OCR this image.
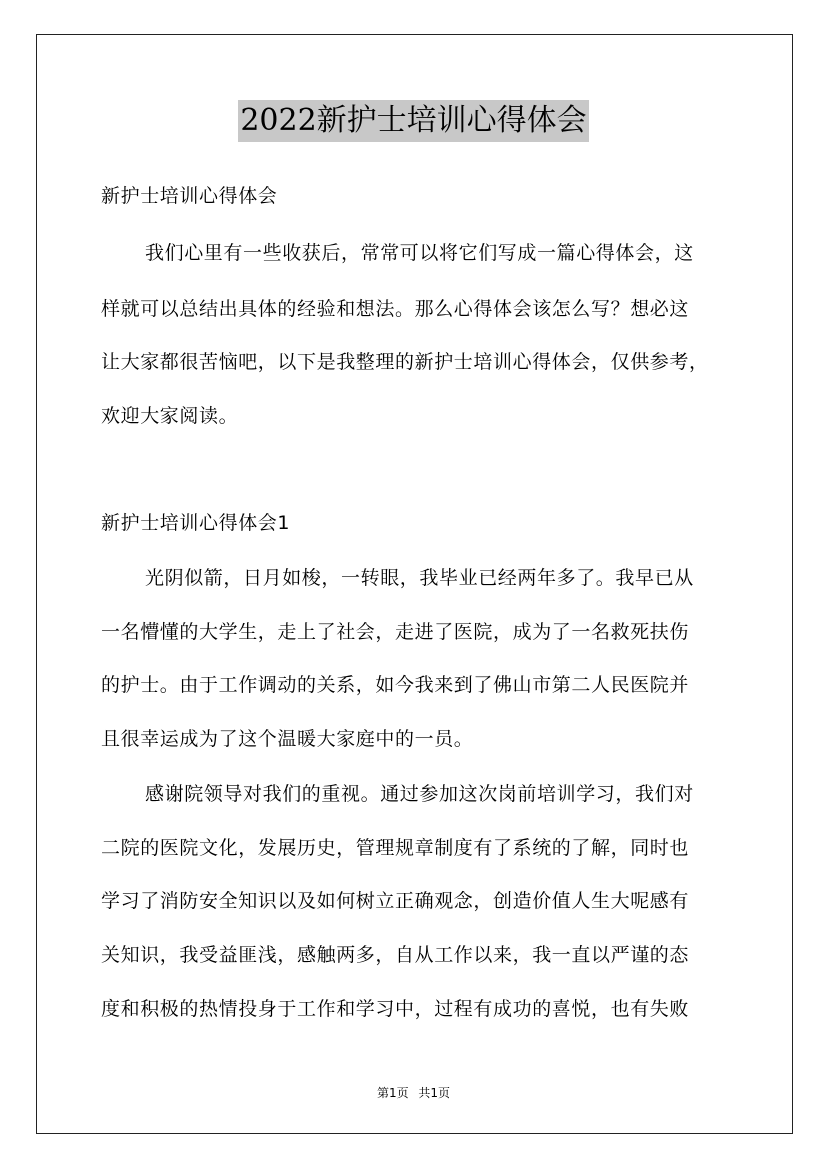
2022新护士培训心得体会
新护士培训心得体会
我们心里有一些收获后，常常可以将它们写成一篇心得体会，这
样就可以总结出具体的经验和想法。那么心得体会该怎么写？想必这
让大家都很苦恼吧，以下是我整理的新护士培训心得体会，仅供参考，
欢迎大家阅读。
新护士培训心得体会1
光阴似箭，日月如梭，一转眼，我毕业已经两年多了。我早已从
一名懵懂的大学生，走上了社会，走进了医院，成为了一名救死扶伤
的护士。由于工作调动的关系，如今我来到了佛山市第二人民医院并
且很幸运成为了这个温暖大家庭中的一员。
感谢院领导对我们的重视。通过参加这次岗前培训学习，我们对
二院的医院文化，发展历史，管理规章制度有了系统的了解，同时也
学习了消防安全知识以及如何树立正确观念，创造价值人生大呢感有
关知识，我受益匪浅，感触两多，自从工作以来，我一直以严谨的态
度和积极的热情投身于工作和学习中，过程有成功的喜悦，也有失败
第1页 共1页
